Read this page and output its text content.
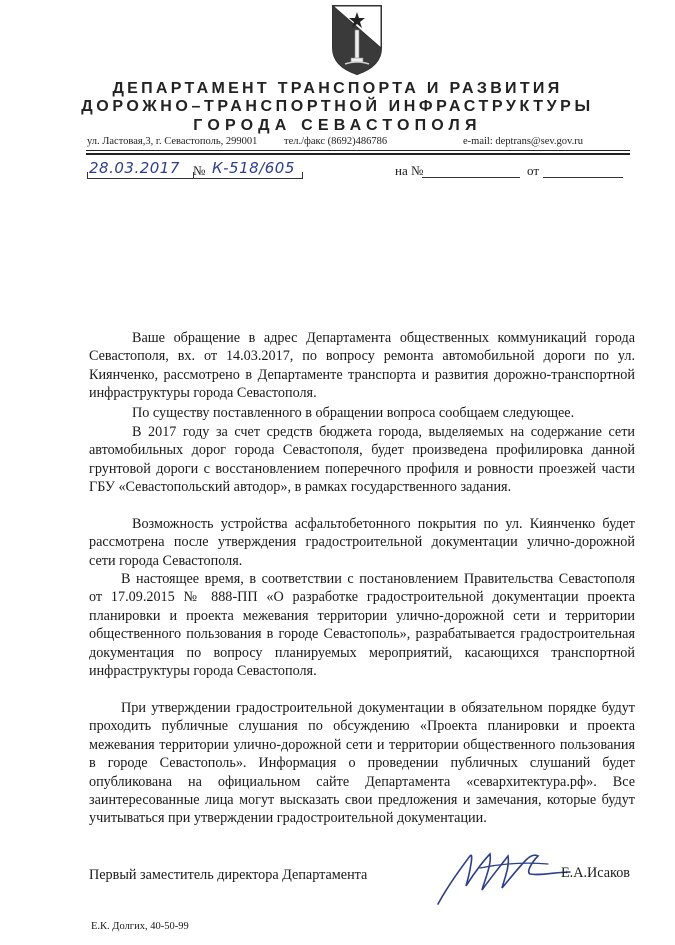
ДЕПАРТАМЕНТ ТРАНСПОРТА И РАЗВИТИЯ
ДОРОЖНО–ТРАНСПОРТНОЙ ИНФРАСТРУКТУРЫ
ГОРОДА СЕВАСТОПОЛЯ
ул. Ластовая,3, г. Севастополь, 299001	тел./факс (8692)486786	e-mail: deptrans@sev.gov.ru
28.03.2017 № К-518/605	на №	от

Ваше обращение в адрес Департамента общественных коммуникаций города Севастополя, вх. от 14.03.2017, по вопросу ремонта автомобильной дороги по ул. Киянченко, рассмотрено в Департаменте транспорта и развития дорожно-транспортной инфраструктуры города Севастополя.

По существу поставленного в обращении вопроса сообщаем следующее.

В 2017 году за счет средств бюджета города, выделяемых на содержание сети автомобильных дорог города Севастополя, будет произведена профилировка данной грунтовой дороги с восстановлением поперечного профиля и ровности проезжей части ГБУ «Севастопольский автодор», в рамках государственного задания.

Возможность устройства асфальтобетонного покрытия по ул. Киянченко будет рассмотрена после утверждения градостроительной документации улично-дорожной сети города Севастополя.

В настоящее время, в соответствии с постановлением Правительства Севастополя от 17.09.2015 № 888-ПП «О разработке градостроительной документации проекта планировки и проекта межевания территории улично-дорожной сети и территории общественного пользования в городе Севастополь», разрабатывается градостроительная документация по вопросу планируемых мероприятий, касающихся транспортной инфраструктуры города Севастополя.

При утверждении градостроительной документации в обязательном порядке будут проходить публичные слушания по обсуждению «Проекта планировки и проекта межевания территории улично-дорожной сети и территории общественного пользования в городе Севастополь». Информация о проведении публичных слушаний будет опубликована на официальном сайте Департамента «севархитектура.рф». Все заинтересованные лица могут высказать свои предложения и замечания, которые будут учитываться при утверждении градостроительной документации.

Первый заместитель директора Департамента	Е.А.Исаков
Е.К. Долгих, 40-50-99
